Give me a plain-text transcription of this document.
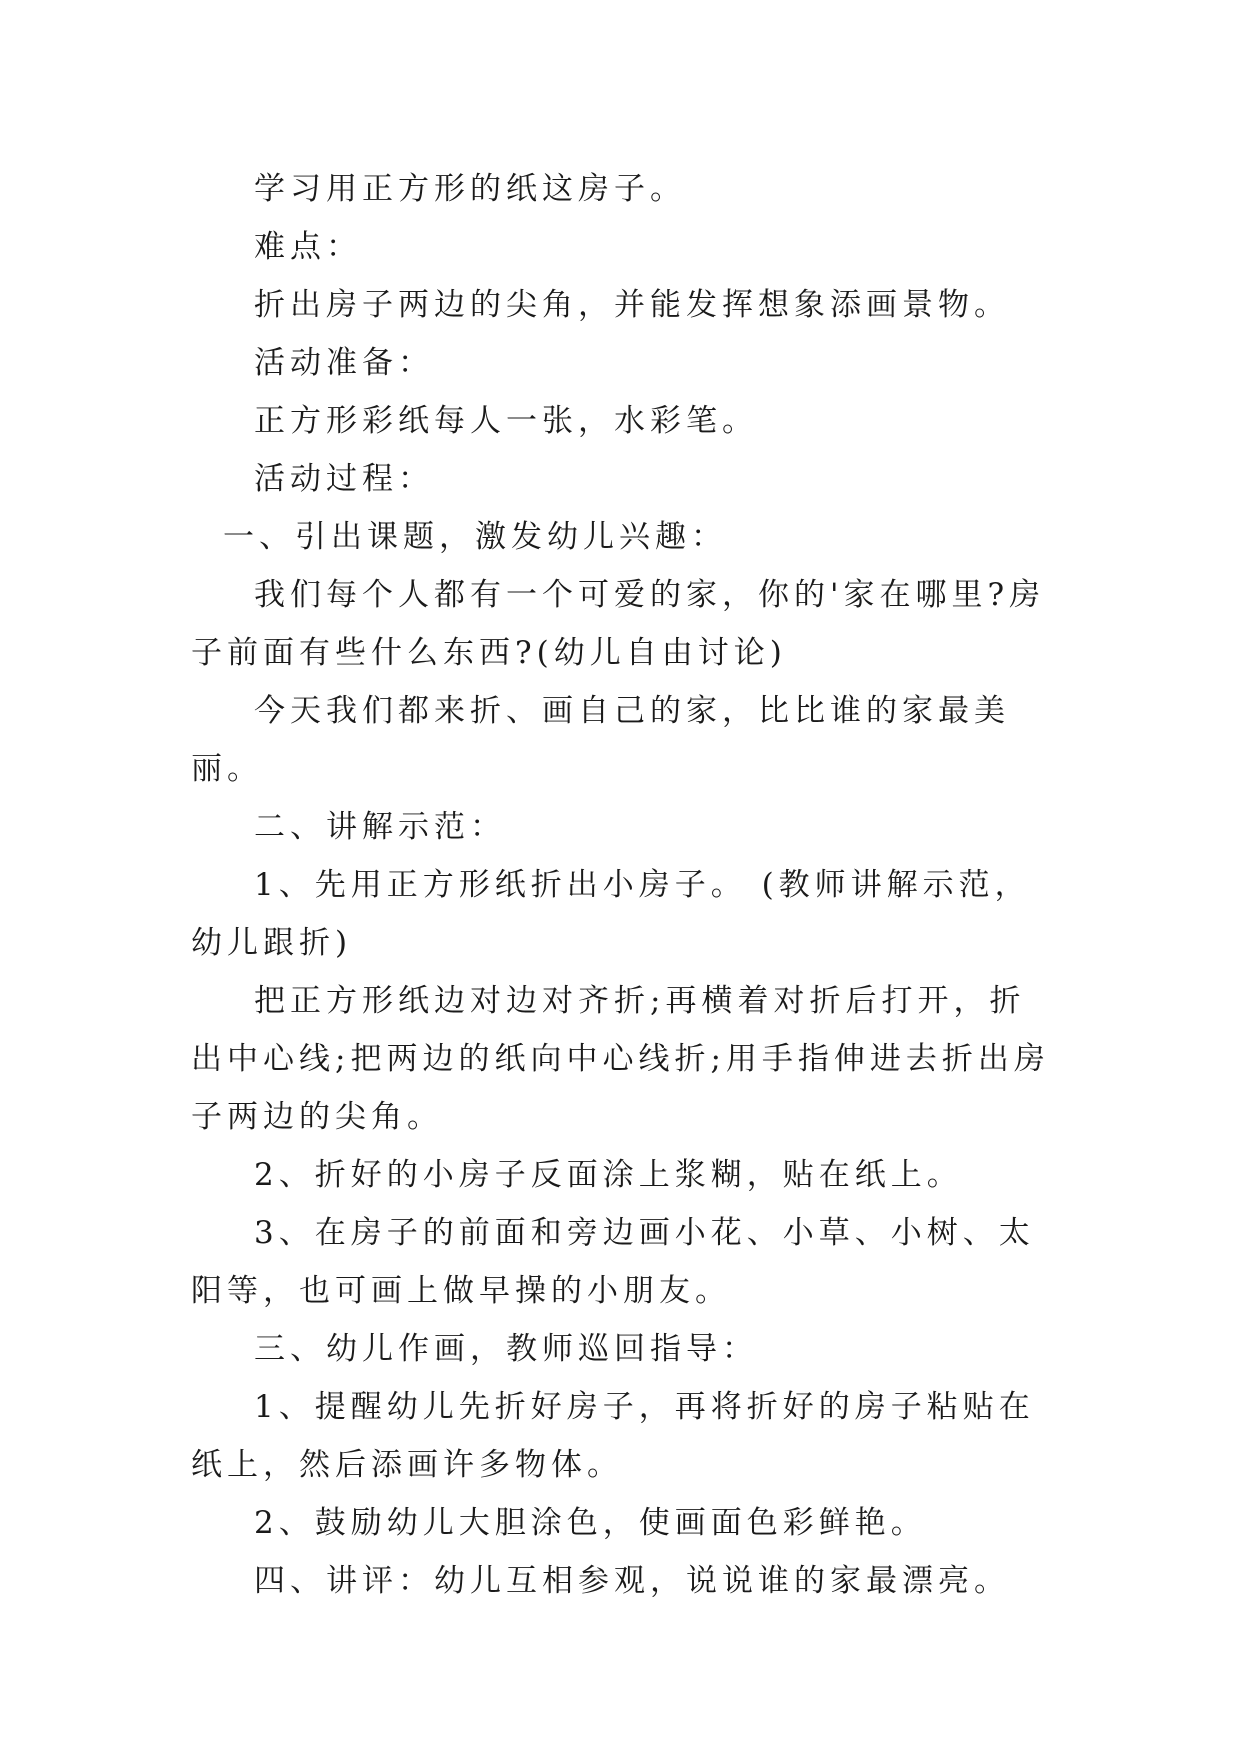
学习用正方形的纸这房子。

难点：

折出房子两边的尖角，并能发挥想象添画景物。

活动准备：

正方形彩纸每人一张，水彩笔。

活动过程：

一、引出课题，激发幼儿兴趣：

我们每个人都有一个可爱的家，你的'家在哪里?房子前面有些什么东西?(幼儿自由讨论)

今天我们都来折、画自己的家，比比谁的家最美丽。

二、讲解示范：

1、先用正方形纸折出小房子。 (教师讲解示范，幼儿跟折)

把正方形纸边对边对齐折;再横着对折后打开，折出中心线;把两边的纸向中心线折;用手指伸进去折出房子两边的尖角。

2、折好的小房子反面涂上浆糊，贴在纸上。

3、在房子的前面和旁边画小花、小草、小树、太阳等，也可画上做早操的小朋友。

三、幼儿作画，教师巡回指导：

1、提醒幼儿先折好房子，再将折好的房子粘贴在纸上，然后添画许多物体。

2、鼓励幼儿大胆涂色，使画面色彩鲜艳。

四、讲评：幼儿互相参观，说说谁的家最漂亮。
